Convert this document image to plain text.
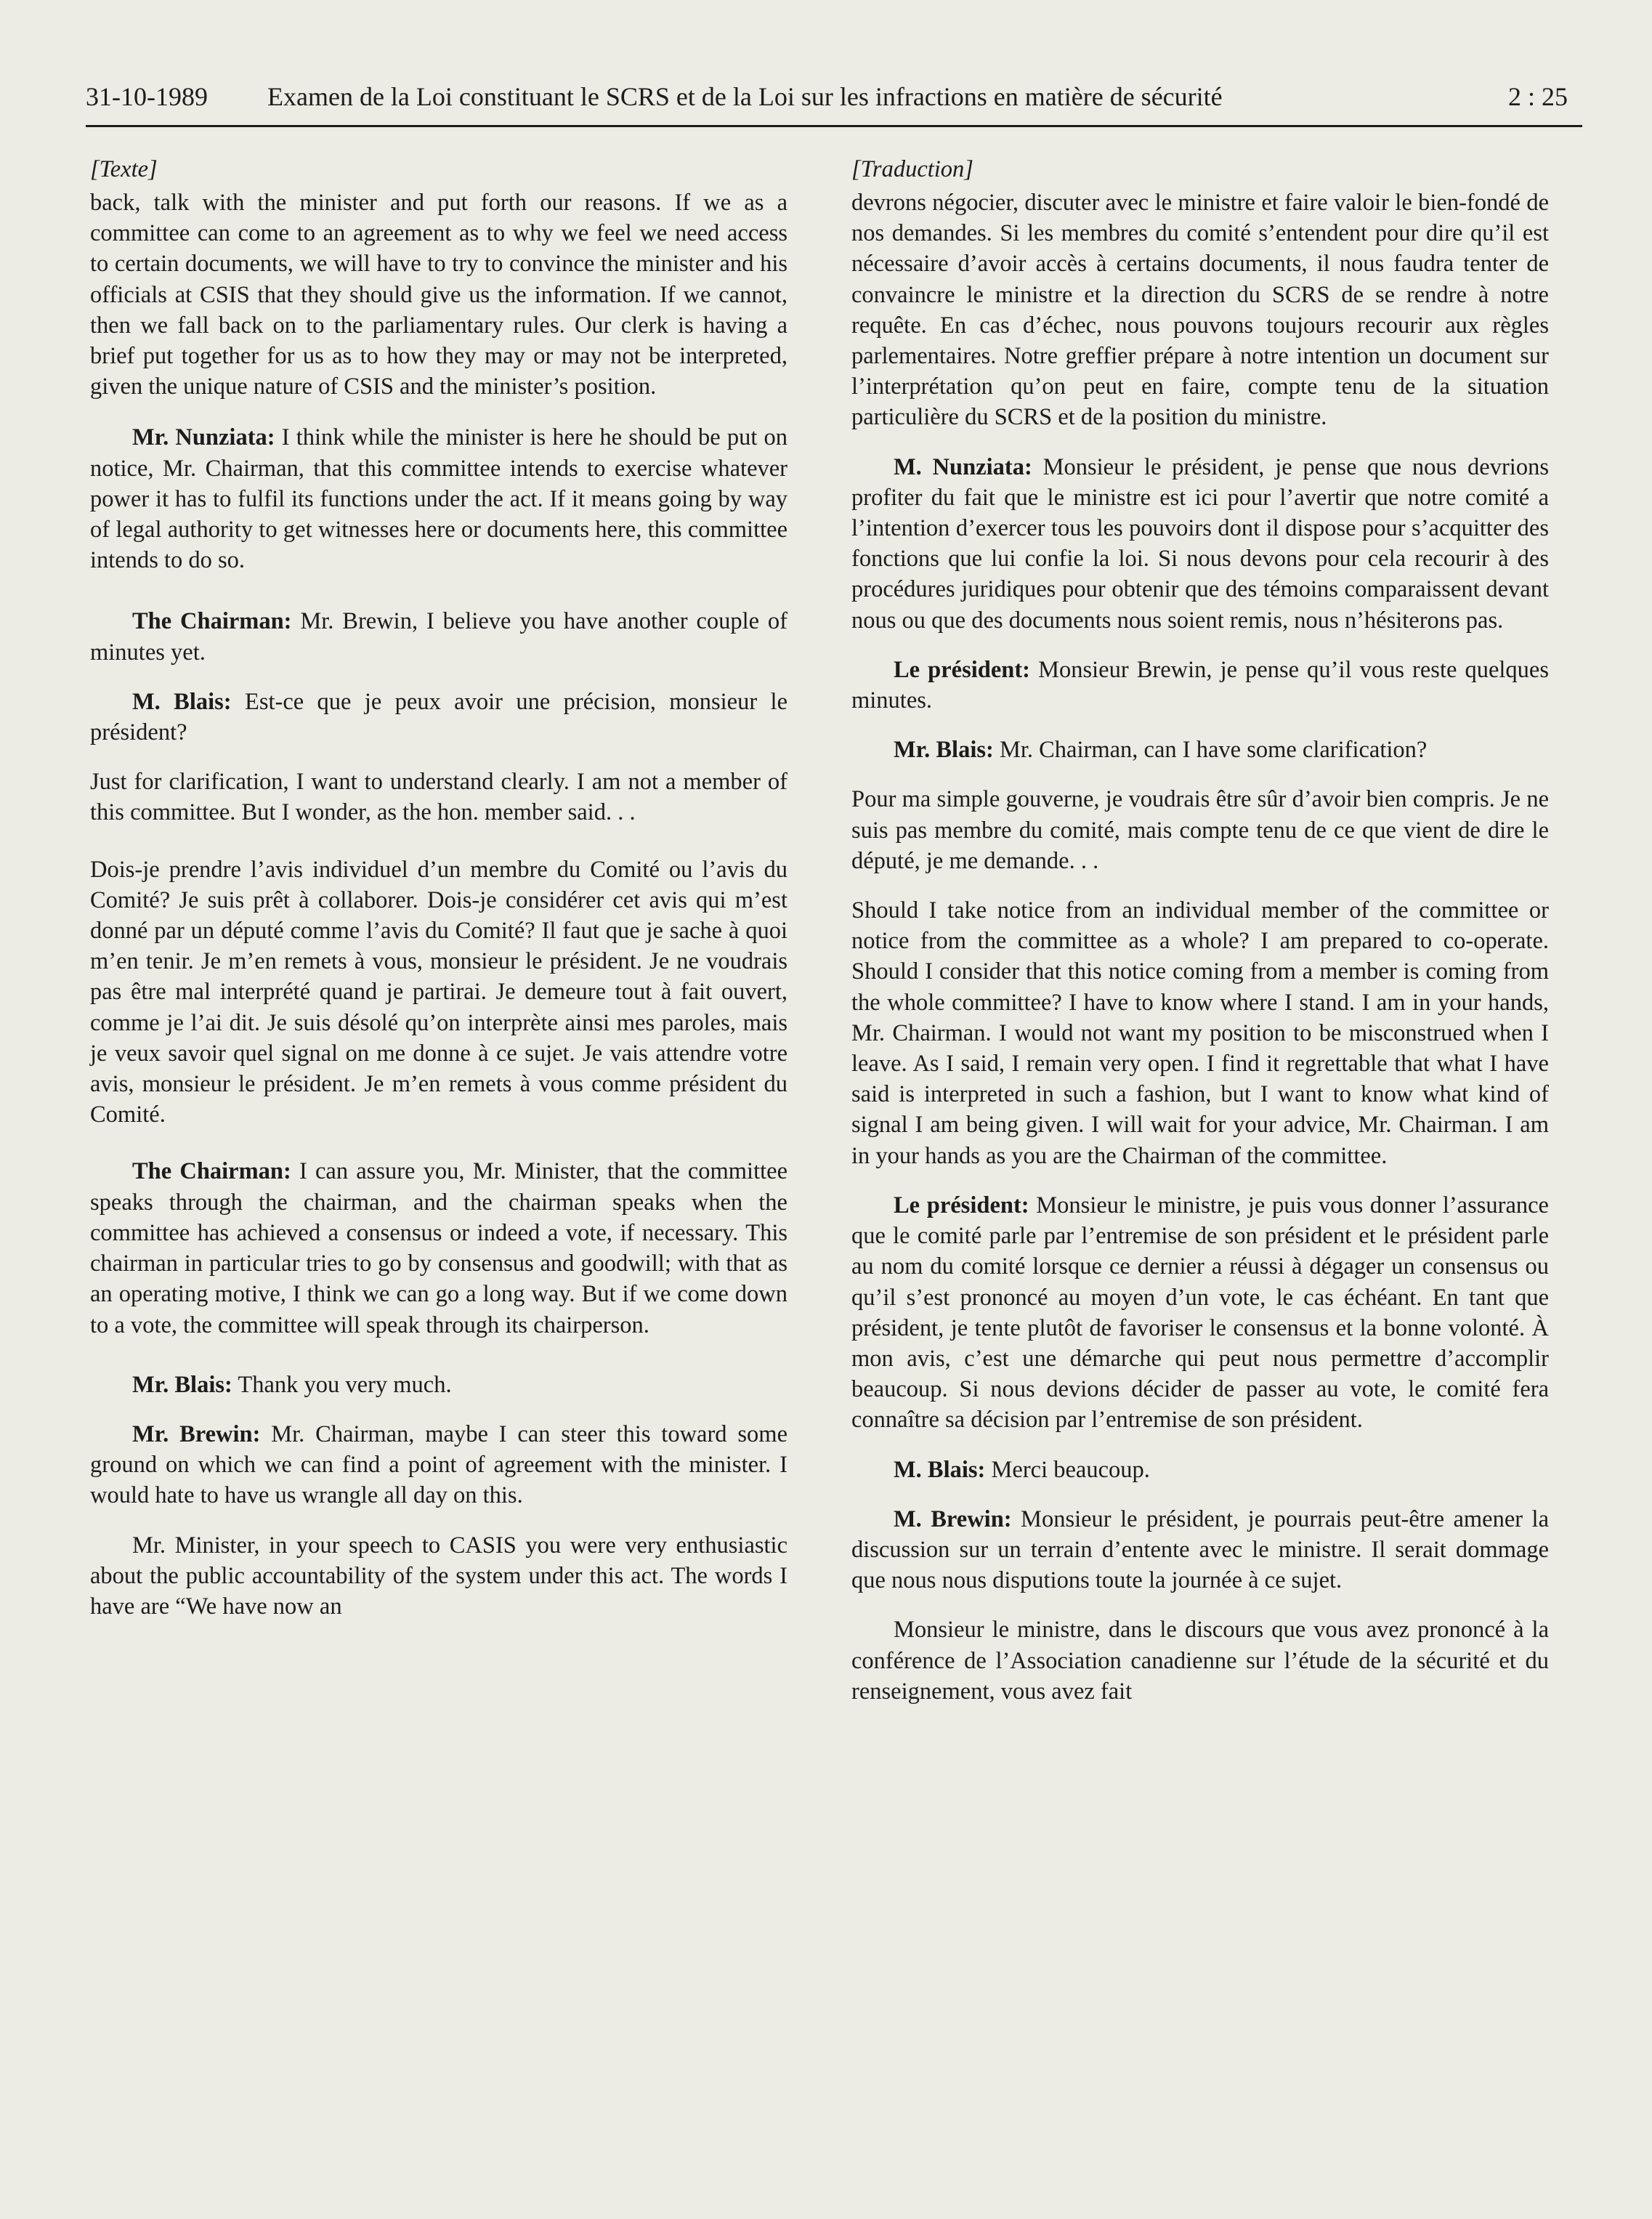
31-10-1989 Examen de la Loi constituant le SCRS et de la Loi sur les infractions en matière de sécurité	2 : 25
[Texte]

back, talk with the minister and put forth our reasons. If we as a committee can come to an agreement as to why we feel we need access to certain documents, we will have to try to convince the minister and his officials at CSIS that they should give us the information. If we cannot, then we fall back on to the parliamentary rules. Our clerk is having a brief put together for us as to how they may or may not be interpreted, given the unique nature of CSIS and the minister’s position.

Mr. Nunziata: I think while the minister is here he should be put on notice, Mr. Chairman, that this committee intends to exercise whatever power it has to fulfil its functions under the act. If it means going by way of legal authority to get witnesses here or documents here, this committee intends to do so.

The Chairman: Mr. Brewin, I believe you have another couple of minutes yet.

M. Blais: Est-ce que je peux avoir une précision, monsieur le président?

Just for clarification, I want to understand clearly. I am not a member of this committee. But I wonder, as the hon. member said. . .

Dois-je prendre l’avis individuel d’un membre du Comité ou l’avis du Comité? Je suis prêt à collaborer. Dois-je considérer cet avis qui m’est donné par un député comme l’avis du Comité? Il faut que je sache à quoi m’en tenir. Je m’en remets à vous, monsieur le président. Je ne voudrais pas être mal interprété quand je partirai. Je demeure tout à fait ouvert, comme je l’ai dit. Je suis désolé qu’on interprète ainsi mes paroles, mais je veux savoir quel signal on me donne à ce sujet. Je vais attendre votre avis, monsieur le président. Je m’en remets à vous comme président du Comité.

The Chairman: I can assure you, Mr. Minister, that the committee speaks through the chairman, and the chairman speaks when the committee has achieved a consensus or indeed a vote, if necessary. This chairman in particular tries to go by consensus and goodwill; with that as an operating motive, I think we can go a long way. But if we come down to a vote, the committee will speak through its chairperson.

Mr. Blais: Thank you very much.

Mr. Brewin: Mr. Chairman, maybe I can steer this toward some ground on which we can find a point of agreement with the minister. I would hate to have us wrangle all day on this.

Mr. Minister, in your speech to CASIS you were very enthusiastic about the public accountability of the system under this act. The words I have are “We have now an

[Traduction]

devrons négocier, discuter avec le ministre et faire valoir le bien-fondé de nos demandes. Si les membres du comité s’entendent pour dire qu’il est nécessaire d’avoir accès à certains documents, il nous faudra tenter de convaincre le ministre et la direction du SCRS de se rendre à notre requête. En cas d’échec, nous pouvons toujours recourir aux règles parlementaires. Notre greffier prépare à notre intention un document sur l’interprétation qu’on peut en faire, compte tenu de la situation particulière du SCRS et de la position du ministre.

M. Nunziata: Monsieur le président, je pense que nous devrions profiter du fait que le ministre est ici pour l’avertir que notre comité a l’intention d’exercer tous les pouvoirs dont il dispose pour s’acquitter des fonctions que lui confie la loi. Si nous devons pour cela recourir à des procédures juridiques pour obtenir que des témoins comparaissent devant nous ou que des documents nous soient remis, nous n’hésiterons pas.

Le président: Monsieur Brewin, je pense qu’il vous reste quelques minutes.

Mr. Blais: Mr. Chairman, can I have some clarification?

Pour ma simple gouverne, je voudrais être sûr d’avoir bien compris. Je ne suis pas membre du comité, mais compte tenu de ce que vient de dire le député, je me demande. . .

Should I take notice from an individual member of the committee or notice from the committee as a whole? I am prepared to co-operate. Should I consider that this notice coming from a member is coming from the whole committee? I have to know where I stand. I am in your hands, Mr. Chairman. I would not want my position to be misconstrued when I leave. As I said, I remain very open. I find it regrettable that what I have said is interpreted in such a fashion, but I want to know what kind of signal I am being given. I will wait for your advice, Mr. Chairman. I am in your hands as you are the Chairman of the committee.

Le président: Monsieur le ministre, je puis vous donner l’assurance que le comité parle par l’entremise de son président et le président parle au nom du comité lorsque ce dernier a réussi à dégager un consensus ou qu’il s’est prononcé au moyen d’un vote, le cas échéant. En tant que président, je tente plutôt de favoriser le consensus et la bonne volonté. À mon avis, c’est une démarche qui peut nous permettre d’accomplir beaucoup. Si nous devions décider de passer au vote, le comité fera connaître sa décision par l’entremise de son président.

M. Blais: Merci beaucoup.

M. Brewin: Monsieur le président, je pourrais peut-être amener la discussion sur un terrain d’entente avec le ministre. Il serait dommage que nous nous disputions toute la journée à ce sujet.

Monsieur le ministre, dans le discours que vous avez prononcé à la conférence de l’Association canadienne sur l’étude de la sécurité et du renseignement, vous avez fait
